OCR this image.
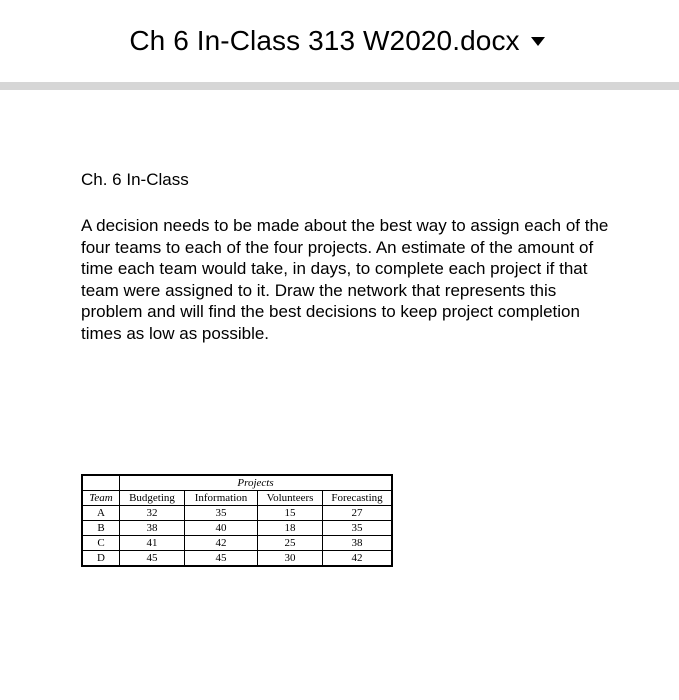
Ch 6 In-Class 313 W2020.docx
Ch. 6 In-Class

A decision needs to be made about the best way to assign each of the four teams to each of the four projects. An estimate of the amount of time each team would take, in days, to complete each project if that team were assigned to it. Draw the network that represents this problem and will find the best decisions to keep project completion times as low as possible.

	Projects			
Team	Budgeting	Information	Volunteers	Forecasting
A	32	35	15	27
B	38	40	18	35
C	41	42	25	38
D	45	45	30	42
